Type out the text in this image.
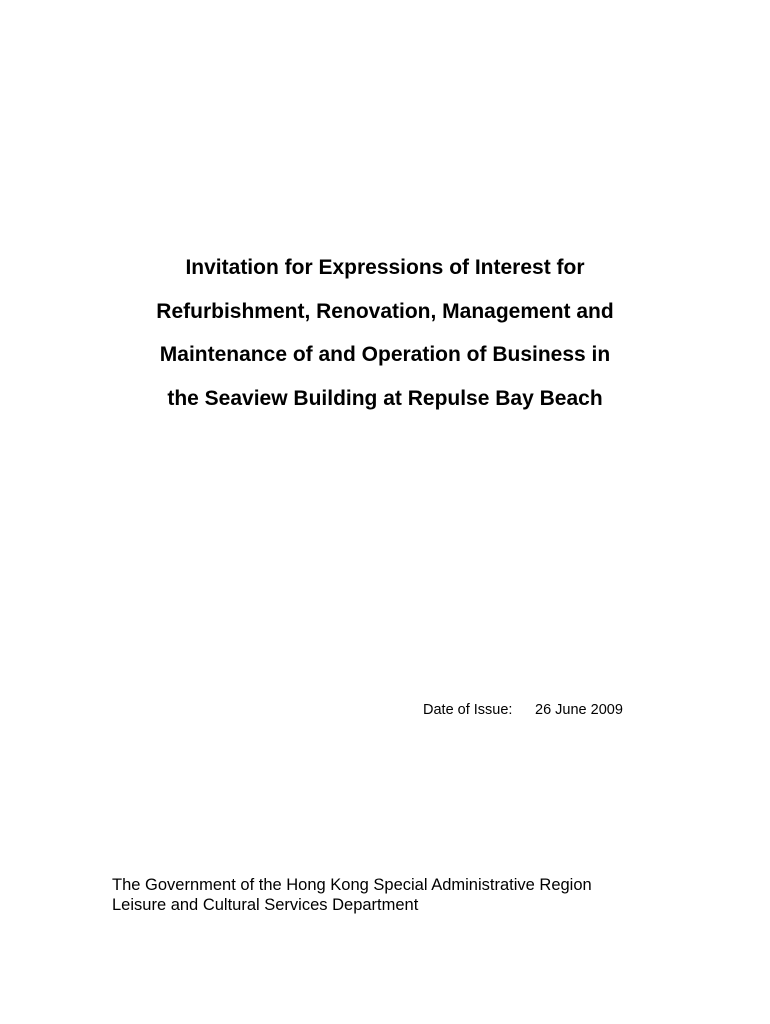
Invitation for Expressions of Interest for
Refurbishment, Renovation, Management and
Maintenance of and Operation of Business in
the Seaview Building at Repulse Bay Beach
Date of Issue: 26 June 2009
The Government of the Hong Kong Special Administrative Region
Leisure and Cultural Services Department
